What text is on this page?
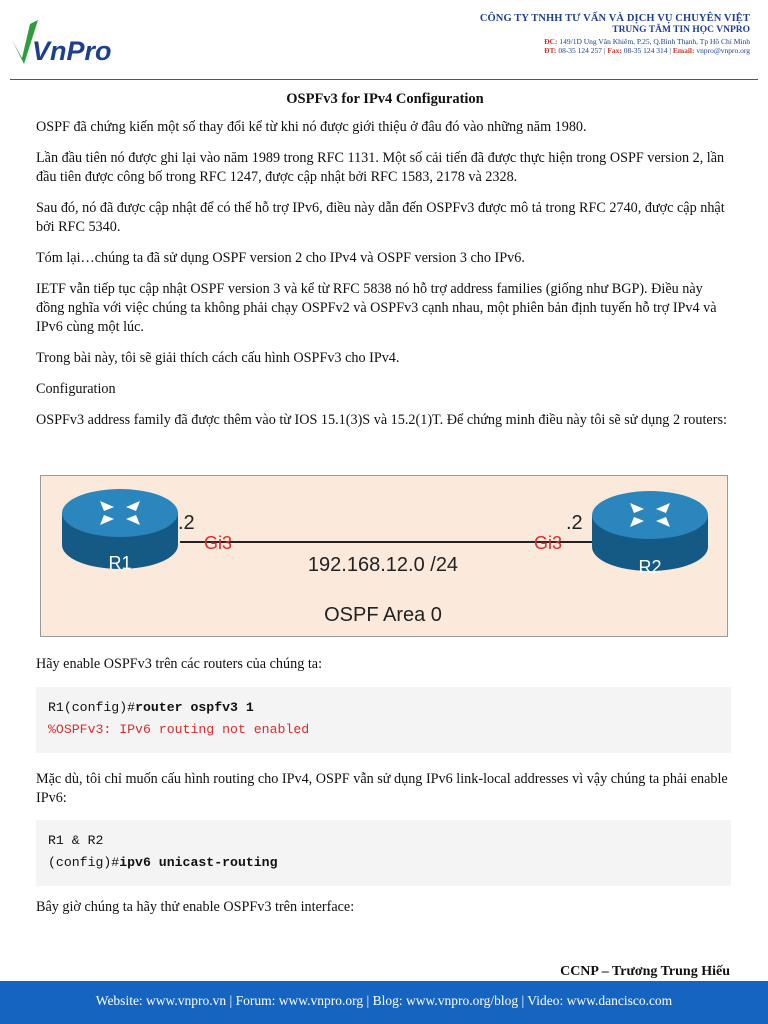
VnPro
CÔNG TY TNHH TƯ VẤN VÀ DỊCH VỤ CHUYÊN VIỆT
TRUNG TÂM TIN HỌC VNPRO
ĐC: 149/1D Ung Văn Khiêm, P.25, Q.Bình Thạnh, Tp Hồ Chí Minh
ĐT: 08-35 124 257 | Fax: 08-35 124 314 | Email: vnpro@vnpro.org
OSPFv3 for IPv4 Configuration

OSPF đã chứng kiến một số thay đổi kể từ khi nó được giới thiệu ở đâu đó vào những năm 1980.

Lần đầu tiên nó được ghi lại vào năm 1989 trong RFC 1131. Một số cải tiến đã được thực hiện trong OSPF version 2, lần đầu tiên được công bố trong RFC 1247, được cập nhật bởi RFC 1583, 2178 và 2328.

Sau đó, nó đã được cập nhật để có thể hỗ trợ IPv6, điều này dẫn đến OSPFv3 được mô tả trong RFC 2740, được cập nhật bởi RFC 5340.

Tóm lại…chúng ta đã sử dụng OSPF version 2 cho IPv4 và OSPF version 3 cho IPv6.

IETF vẫn tiếp tục cập nhật OSPF version 3 và kể từ RFC 5838 nó hỗ trợ address families (giống như BGP). Điều này đồng nghĩa với việc chúng ta không phải chạy OSPFv2 và OSPFv3 cạnh nhau, một phiên bản định tuyến hỗ trợ IPv4 và IPv6 cùng một lúc.

Trong bài này, tôi sẽ giải thích cách cấu hình OSPFv3 cho IPv4.

Configuration

OSPFv3 address family đã được thêm vào từ IOS 15.1(3)S và 15.2(1)T. Để chứng minh điều này tôi sẽ sử dụng 2 routers:

R1	R2
.2
Gi3
.2
Gi3
192.168.12.0 /24
OSPF Area 0
Hãy enable OSPFv3 trên các routers của chúng ta:
R1(config)#router ospfv3 1
%OSPFv3: IPv6 routing not enabled
Mặc dù, tôi chỉ muốn cấu hình routing cho IPv4, OSPF vẫn sử dụng IPv6 link-local addresses vì vậy chúng ta phải enable IPv6:
R1 & R2
(config)#ipv6 unicast-routing
Bây giờ chúng ta hãy thử enable OSPFv3 trên interface:
CCNP – Trương Trung Hiếu
Website: www.vnpro.vn | Forum: www.vnpro.org | Blog: www.vnpro.org/blog | Video: www.dancisco.com
